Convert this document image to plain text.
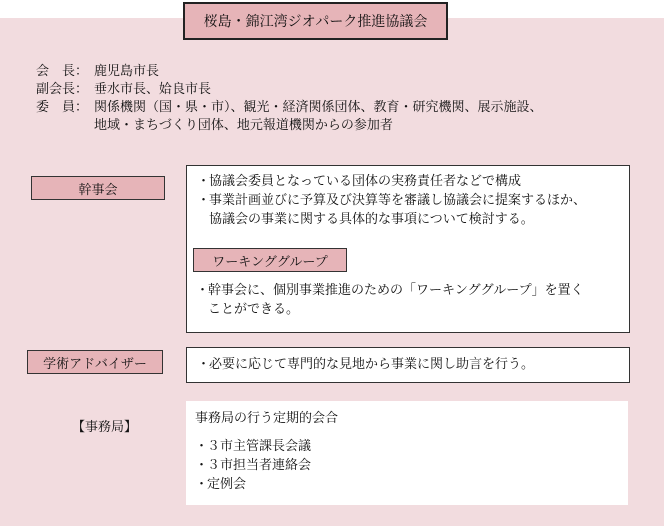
桜島・錦江湾ジオパーク推進協議会
会　長： 鹿児島市長
副会長： 垂水市長、姶良市長
委　員： 関係機関（国・県・市）、観光・経済関係団体、教育・研究機関、展示施設、
地域・まちづくり団体、地元報道機関からの参加者
幹事会
・
協議会委員となっている団体の実務責任者などで構成
・
事業計画並びに予算及び決算等を審議し協議会に提案するほか、
協議会の事業に関する具体的な事項について検討する。
ワーキンググループ
・
幹事会に、個別事業推進のための「ワーキンググループ」を置く
ことができる。
学術アドバイザー	・
必要に応じて専門的な見地から事業に関し助言を行う。
【事務局】
事務局の行う定期的会合
・
３市主管課長会議
・
３市担当者連絡会
・
定例会
